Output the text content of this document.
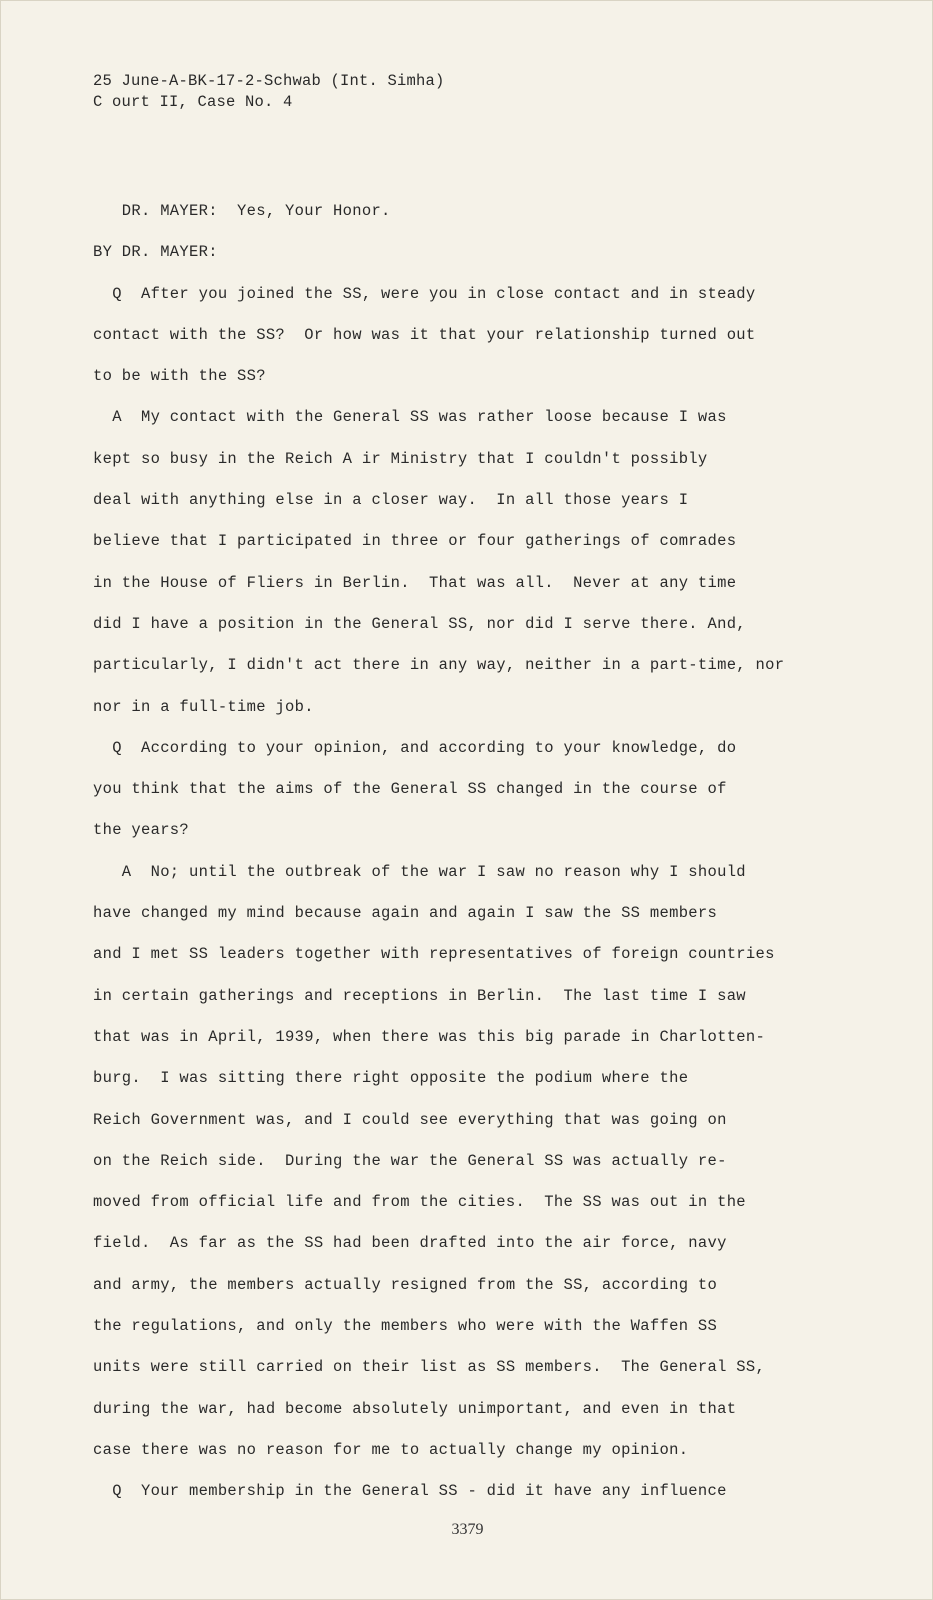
25 June-A-BK-17-2-Schwab (Int. Simha)
C ourt II, Case No. 4
DR. MAYER:  Yes, Your Honor.
BY DR. MAYER:
Q  After you joined the SS, were you in close contact and in steady
contact with the SS?  Or how was it that your relationship turned out
to be with the SS?
A  My contact with the General SS was rather loose because I was
kept so busy in the Reich A ir Ministry that I couldn't possibly
deal with anything else in a closer way.  In all those years I
believe that I participated in three or four gatherings of comrades
in the House of Fliers in Berlin.  That was all.  Never at any time
did I have a position in the General SS, nor did I serve there. And,
particularly, I didn't act there in any way, neither in a part-time, nor
nor in a full-time job.
Q  According to your opinion, and according to your knowledge, do
you think that the aims of the General SS changed in the course of
the years?
A  No; until the outbreak of the war I saw no reason why I should
have changed my mind because again and again I saw the SS members
and I met SS leaders together with representatives of foreign countries
in certain gatherings and receptions in Berlin.  The last time I saw
that was in April, 1939, when there was this big parade in Charlotten-
burg.  I was sitting there right opposite the podium where the
Reich Government was, and I could see everything that was going on
on the Reich side.  During the war the General SS was actually re-
moved from official life and from the cities.  The SS was out in the
field.  As far as the SS had been drafted into the air force, navy
and army, the members actually resigned from the SS, according to
the regulations, and only the members who were with the Waffen SS
units were still carried on their list as SS members.  The General SS,
during the war, had become absolutely unimportant, and even in that
case there was no reason for me to actually change my opinion.
Q  Your membership in the General SS - did it have any influence
3379
